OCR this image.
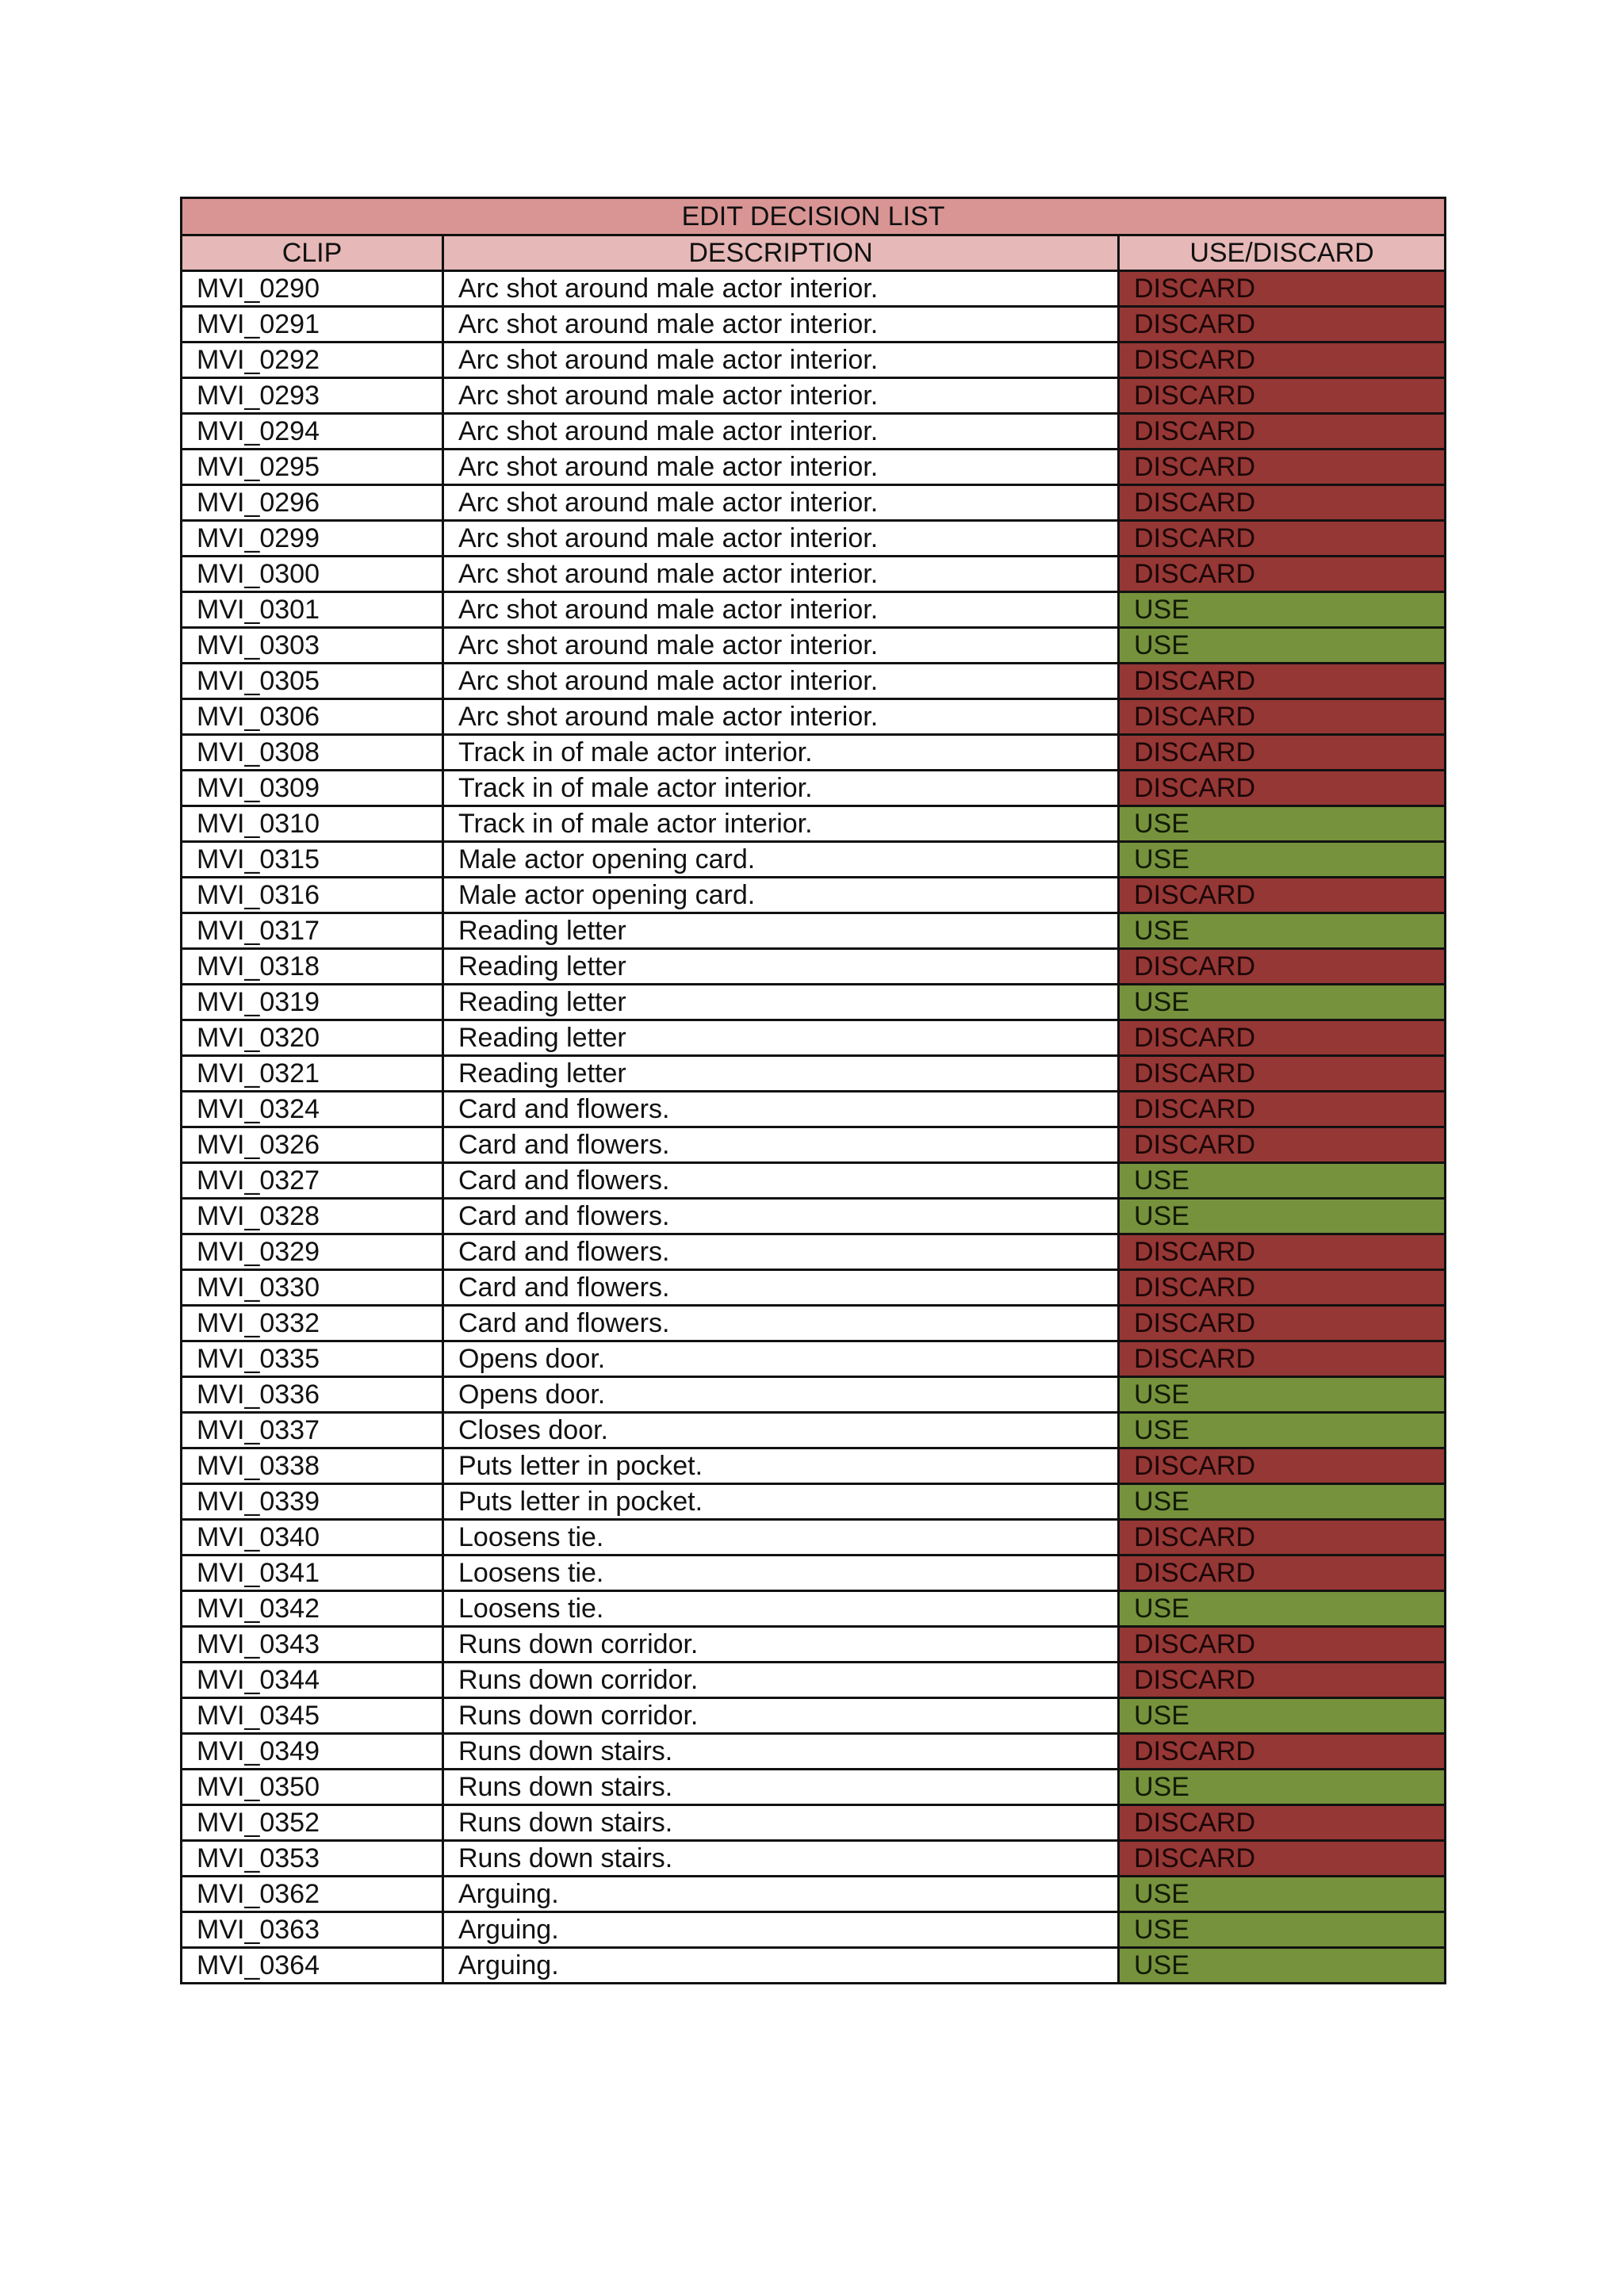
EDIT DECISION LIST		
CLIP	DESCRIPTION	USE/DISCARD
MVI_0290	Arc shot around male actor interior.	DISCARD
MVI_0291	Arc shot around male actor interior.	DISCARD
MVI_0292	Arc shot around male actor interior.	DISCARD
MVI_0293	Arc shot around male actor interior.	DISCARD
MVI_0294	Arc shot around male actor interior.	DISCARD
MVI_0295	Arc shot around male actor interior.	DISCARD
MVI_0296	Arc shot around male actor interior.	DISCARD
MVI_0299	Arc shot around male actor interior.	DISCARD
MVI_0300	Arc shot around male actor interior.	DISCARD
MVI_0301	Arc shot around male actor interior.	USE
MVI_0303	Arc shot around male actor interior.	USE
MVI_0305	Arc shot around male actor interior.	DISCARD
MVI_0306	Arc shot around male actor interior.	DISCARD
MVI_0308	Track in of male actor interior.	DISCARD
MVI_0309	Track in of male actor interior.	DISCARD
MVI_0310	Track in of male actor interior.	USE
MVI_0315	Male actor opening card.	USE
MVI_0316	Male actor opening card.	DISCARD
MVI_0317	Reading letter	USE
MVI_0318	Reading letter	DISCARD
MVI_0319	Reading letter	USE
MVI_0320	Reading letter	DISCARD
MVI_0321	Reading letter	DISCARD
MVI_0324	Card and flowers.	DISCARD
MVI_0326	Card and flowers.	DISCARD
MVI_0327	Card and flowers.	USE
MVI_0328	Card and flowers.	USE
MVI_0329	Card and flowers.	DISCARD
MVI_0330	Card and flowers.	DISCARD
MVI_0332	Card and flowers.	DISCARD
MVI_0335	Opens door.	DISCARD
MVI_0336	Opens door.	USE
MVI_0337	Closes door.	USE
MVI_0338	Puts letter in pocket.	DISCARD
MVI_0339	Puts letter in pocket.	USE
MVI_0340	Loosens tie.	DISCARD
MVI_0341	Loosens tie.	DISCARD
MVI_0342	Loosens tie.	USE
MVI_0343	Runs down corridor.	DISCARD
MVI_0344	Runs down corridor.	DISCARD
MVI_0345	Runs down corridor.	USE
MVI_0349	Runs down stairs.	DISCARD
MVI_0350	Runs down stairs.	USE
MVI_0352	Runs down stairs.	DISCARD
MVI_0353	Runs down stairs.	DISCARD
MVI_0362	Arguing.	USE
MVI_0363	Arguing.	USE
MVI_0364	Arguing.	USE
